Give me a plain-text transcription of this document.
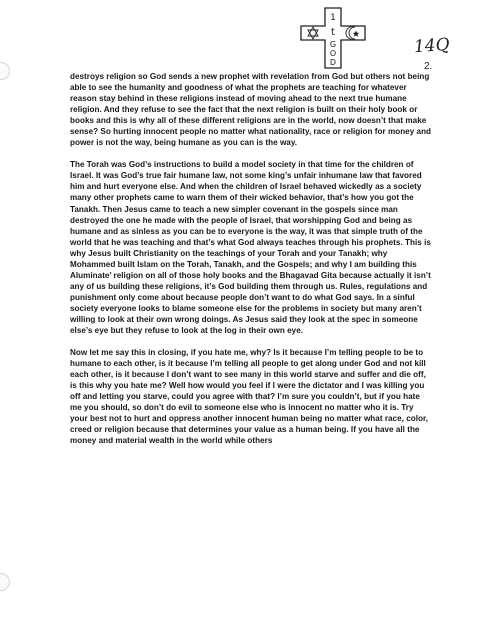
1
t
G
O
D
14Q
2.

destroys religion so God sends a new prophet with revelation from God but others not being able to see the humanity and goodness of what the prophets are teaching for whatever reason stay behind in these religions instead of moving ahead to the next true humane religion. And they refuse to see the fact that the next religion is built on their holy book or books and this is why all of these different religions are in the world, now doesn’t that make sense? So hurting innocent people no matter what nationality, race or religion for money and power is not the way, being humane as you can is the way.

The Torah was God’s instructions to build a model society in that time for the children of Israel. It was God’s true fair humane law, not some king’s unfair inhumane law that favored him and hurt everyone else. And when the children of Israel behaved wickedly as a society many other prophets came to warn them of their wicked behavior, that’s how you got the Tanakh. Then Jesus came to teach a new simpler covenant in the gospels since man destroyed the one he made with the people of Israel, that worshipping God and being as humane and as sinless as you can be to everyone is the way, it was that simple truth of the world that he was teaching and that’s what God always teaches through his prophets. This is why Jesus built Christianity on the teachings of your Torah and your Tanakh; why Mohammed built Islam on the Torah, Tanakh, and the Gospels; and why I am building this Aluminate’ religion on all of those holy books and the Bhagavad Gita because actually it isn’t any of us building these religions, it’s God building them through us. Rules, regulations and punishment only come about because people don’t want to do what God says. In a sinful society everyone looks to blame someone else for the problems in society but many aren’t willing to look at their own wrong doings. As Jesus said they look at the spec in someone else’s eye but they refuse to look at the log in their own eye.

Now let me say this in closing, if you hate me, why? Is it because I’m telling people to be to humane to each other, is it because I’m telling all people to get along under God and not kill each other, is it because I don’t want to see many in this world starve and suffer and die off, is this why you hate me? Well how would you feel if I were the dictator and I was killing you off and letting you starve, could you agree with that? I’m sure you couldn’t, but if you hate me you should, so don’t do evil to someone else who is innocent no matter who it is. Try your best not to hurt and oppress another innocent human being no matter what race, color, creed or religion because that determines your value as a human being. If you have all the money and material wealth in the world while others
